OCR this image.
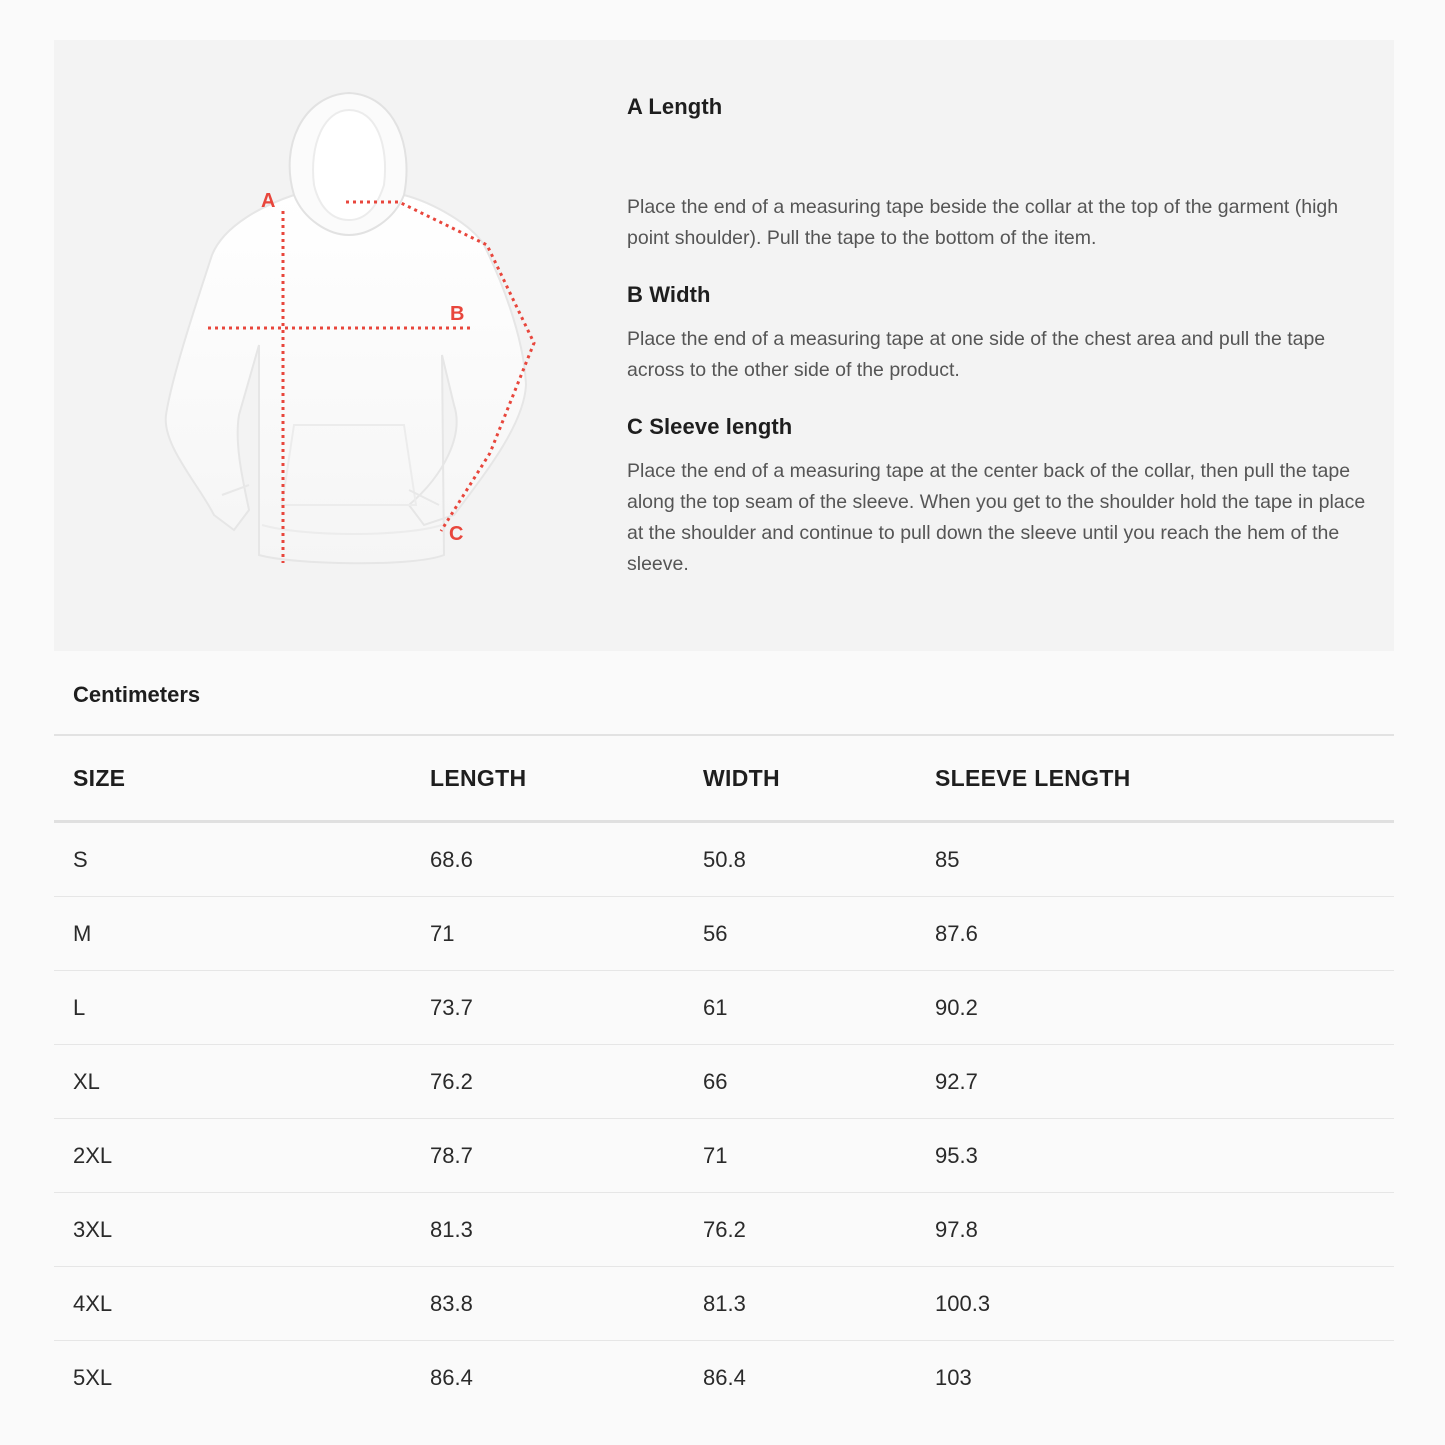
A
B
C
A Length

Place the end of a measuring tape beside the collar at the top of the garment (high point shoulder). Pull the tape to the bottom of the item.

B Width

Place the end of a measuring tape at one side of the chest area and pull the tape across to the other side of the product.

C Sleeve length

Place the end of a measuring tape at the center back of the collar, then pull the tape along the top seam of the sleeve. When you get to the shoulder hold the tape in place at the shoulder and continue to pull down the sleeve until you reach the hem of the sleeve.

Centimeters
SIZE	LENGTH	WIDTH	SLEEVE LENGTH
S	68.6	50.8	85
M	71	56	87.6
L	73.7	61	90.2
XL	76.2	66	92.7
2XL	78.7	71	95.3
3XL	81.3	76.2	97.8
4XL	83.8	81.3	100.3
5XL	86.4	86.4	103
